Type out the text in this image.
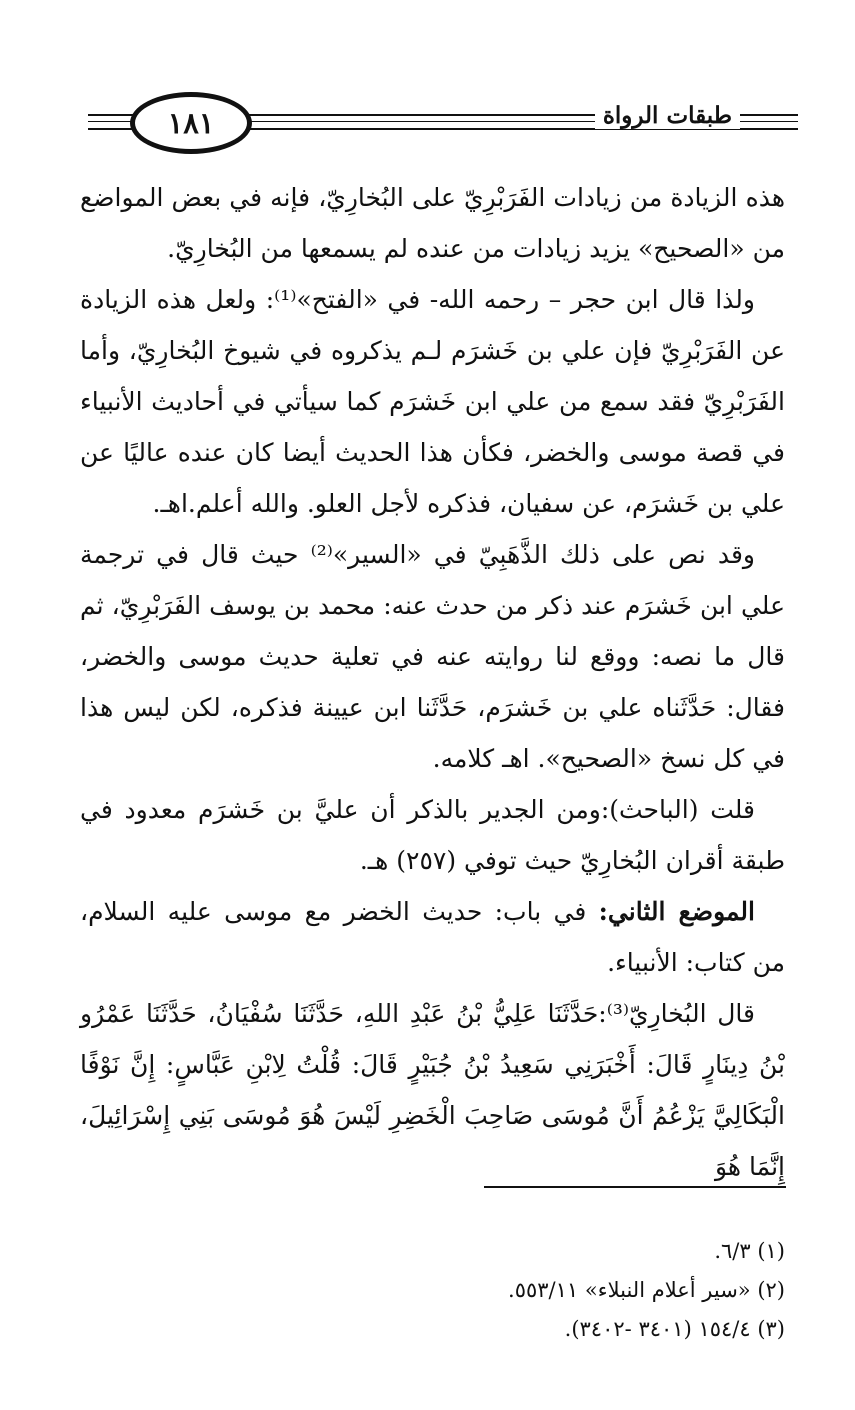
طبقات الرواة
١٨١

هذه الزيادة من زيادات الفَرَبْرِيّ على البُخارِيّ، فإنه في بعض المواضع من «الصحيح» يزيد زيادات من عنده لم يسمعها من البُخارِيّ.

ولذا قال ابن حجر – رحمه الله- في «الفتح»⁽¹⁾: ولعل هذه الزيادة عن الفَرَبْرِيّ فإن علي بن خَشرَم لـم يذكروه في شيوخ البُخارِيّ، وأما الفَرَبْرِيّ فقد سمع من علي ابن خَشرَم كما سيأتي في أحاديث الأنبياء في قصة موسى والخضر، فكأن هذا الحديث أيضا كان عنده عاليًا عن علي بن خَشرَم، عن سفيان، فذكره لأجل العلو. والله أعلم.اهـ.

وقد نص على ذلك الذَّهَبِيّ في «السير»⁽²⁾ حيث قال في ترجمة علي ابن خَشرَم عند ذكر من حدث عنه: محمد بن يوسف الفَرَبْرِيّ، ثم قال ما نصه: ووقع لنا روايته عنه في تعلية حديث موسى والخضر، فقال: حَدَّثَناه علي بن خَشرَم، حَدَّثَنا ابن عيينة فذكره، لكن ليس هذا في كل نسخ «الصحيح». اهـ كلامه.

قلت (الباحث):ومن الجدير بالذكر أن عليَّ بن خَشرَم معدود في طبقة أقران البُخارِيّ حيث توفي (٢٥٧) هـ.

الموضع الثاني: في باب: حديث الخضر مع موسى عليه السلام، من كتاب: الأنبياء.

قال البُخارِيّ⁽³⁾:حَدَّثَنَا عَلِيُّ بْنُ عَبْدِ اللهِ، حَدَّثَنَا سُفْيَانُ، حَدَّثَنَا عَمْرُو بْنُ دِينَارٍ قَالَ: أَخْبَرَنِي سَعِيدُ بْنُ جُبَيْرٍ قَالَ: قُلْتُ لِابْنِ عَبَّاسٍ: إِنَّ نَوْفًا الْبَكَالِيَّ يَزْعُمُ أَنَّ مُوسَى صَاحِبَ الْخَضِرِ لَيْسَ هُوَ مُوسَى بَنِي إِسْرَائِيلَ، إِنَّمَا هُوَ

(١) ٦/٣.

(٢) «سير أعلام النبلاء» ٥٥٣/١١.

(٣) ١٥٤/٤ (٣٤٠١ -٣٤٠٢).
